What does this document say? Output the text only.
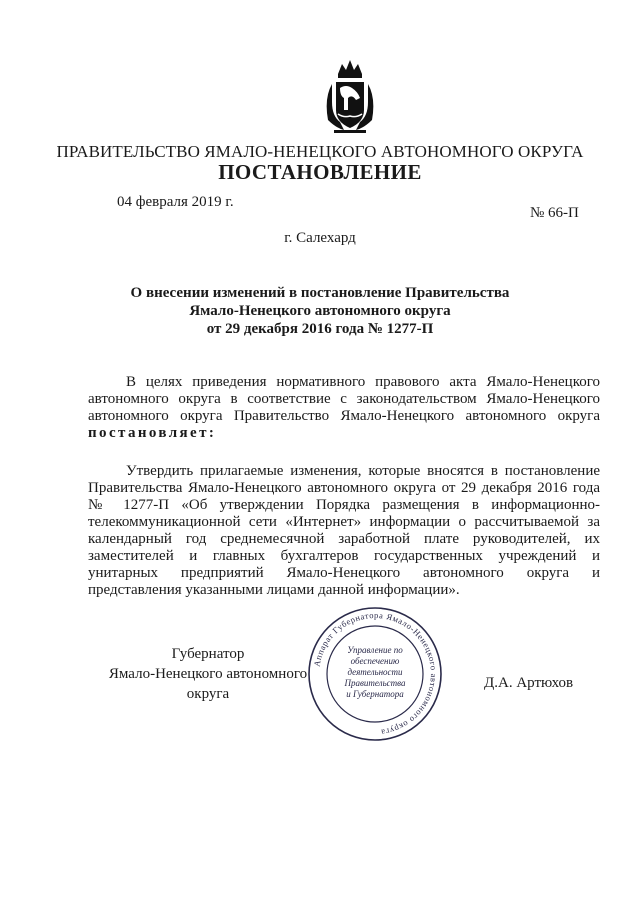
ПРАВИТЕЛЬСТВО ЯМАЛО-НЕНЕЦКОГО АВТОНОМНОГО ОКРУГА
ПОСТАНОВЛЕНИЕ
04 февраля 2019 г.
№ 66-П
г. Салехард
О внесении изменений в постановление Правительства
Ямало-Ненецкого автономного округа
от 29 декабря 2016 года № 1277-П
В целях приведения нормативного правового акта Ямало-Ненецкого автономного округа в соответствие с законодательством Ямало-Ненецкого автономного округа Правительство Ямало-Ненецкого автономного округа постановляет:
Утвердить прилагаемые изменения, которые вносятся в постановление Правительства Ямало-Ненецкого автономного округа от 29 декабря 2016 года № 1277-П «Об утверждении Порядка размещения в информационно-телекоммуникационной сети «Интернет» информации о рассчитываемой за календарный год среднемесячной заработной плате руководителей, их заместителей и главных бухгалтеров государственных учреждений и унитарных предприятий Ямало-Ненецкого автономного округа и представления указанными лицами данной информации».
Губернатор
Ямало-Ненецкого автономного округа
Аппарат Губернатора Ямало-Ненецкого автономного округа
Управление по
обеспечению
деятельности
Правительства
и Губернатора
Д.А. Артюхов
